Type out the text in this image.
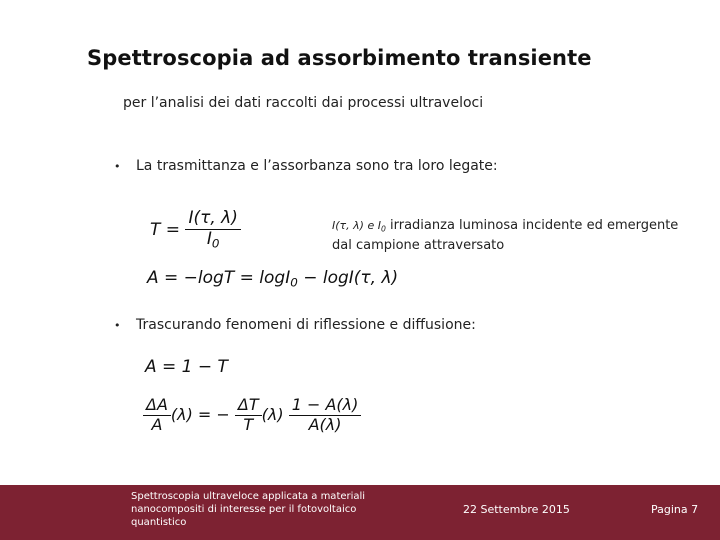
Spettroscopia ad assorbimento transiente
per l’analisi dei dati raccolti dai processi ultraveloci
• La trasmittanza e l’assorbanza sono tra loro legate:
$T = \frac{I(\tau, \lambda)}{I_0}$	I(τ, λ) e $I_0$ irradianza luminosa incidente ed emergente
dal campione attraversato
A = −logT = logI$_0$ − logI(τ, λ)
• Trascurando fenomeni di riflessione e diffusione:
A = 1 − T
$\frac{\Delta A}{A} (\lambda)$ = − $\frac{\Delta T}{T} (\lambda) \frac{1 - A(\lambda)}{A(\lambda)}$
Spettroscopia ultraveloce applicata a materiali
nanocompositi di interesse per il fotovoltaico
quantistico
22 Settembre 2015	Pagina 7
